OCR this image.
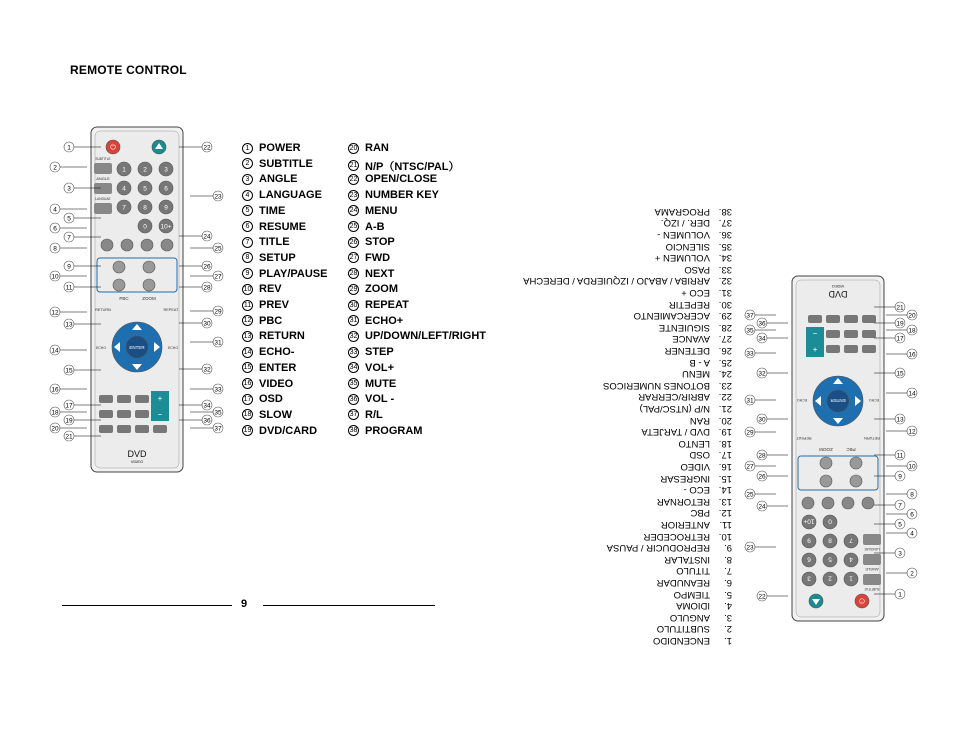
REMOTE CONTROL
⏻
1	2	3
4	5	6
7	8	9
0 10+
SUBTITLE
ANGLE
LANGUAE
PBC	ZOOM
RETURN	REPEAT
ENTER
ECHO	ECHO
+
−
DVD
VIDEO
1
2
3
4
5
6
7
8
9
10
11
12
13
14
15
16
17
18
19
20
21
22
23
24
25
26
27
28
29
30
31
32
33
34
35
36
37
⏻
1
2
3
4
5
6
7
8
9
0
10+
SUBTITLE
ANGLE
LANGUAE
PBC
ZOOM
RETURN
REPEAT
ENTER	ECHO
ECHO
+
−
DVD
VIDEO
1
2
3
4
5
6
7
8
9
10
11
12
13
14
15
16
17
18
19
20
21
22
23
24
25
26
27
28
29
30
31
32
33
34
35
36
37
1 POWER
2 SUBTITLE
3 ANGLE
4 LANGUAGE
5 TIME
6 RESUME
7 TITLE
8 SETUP
9 PLAY/PAUSE
10 REV
11 PREV
12 PBC
13 RETURN
14 ECHO-
15 ENTER
16 VIDEO
17 OSD
18 SLOW
19 DVD/CARD
20 RAN
21 N/P（NTSC/PAL）
22 OPEN/CLOSE
23 NUMBER KEY
24 MENU
25 A-B
26 STOP
27 FWD
28 NEXT
29 ZOOM
30 REPEAT
31 ECHO+
32 UP/DOWN/LEFT/RIGHT
33 STEP
34 VOL+
35 MUTE
36 VOL -
37 R/L
38 PROGRAM
9
1.ENCENDIDO
2.SUBTITULO
3.ANGULO
4.IDIOMA
5.TIEMPO
6.REANUDAR
7.TITULO
8.INSTALAR
9.REPRODUCIR / PAUSA
10.RETROCEDER
11.ANTERIOR
12.PBC
13.RETORNAR
14.ECO -
15.INGRESAR
16.VIDEO
17.OSD
18.LENTO
19.DVD / TARJETA
20.RAN
21.N/P (NTSC/PAL)
22.ABRIR/CERRAR
23.BOTONES NUMERICOS
24.MENU
25.A - B
26.DETENER
27.AVANCE
28.SIGUIENTE
29.ACERCAMIENTO
30.REPETIR
31.ECO +
32.ARRIBA / ABAJO / IZQUIERDA / DERECHA
33.PASO
34.VOLUMEN +
35.SILENCIO
36.VOLUMEN -
37.DER. / IZQ.
38.PROGRAMA
